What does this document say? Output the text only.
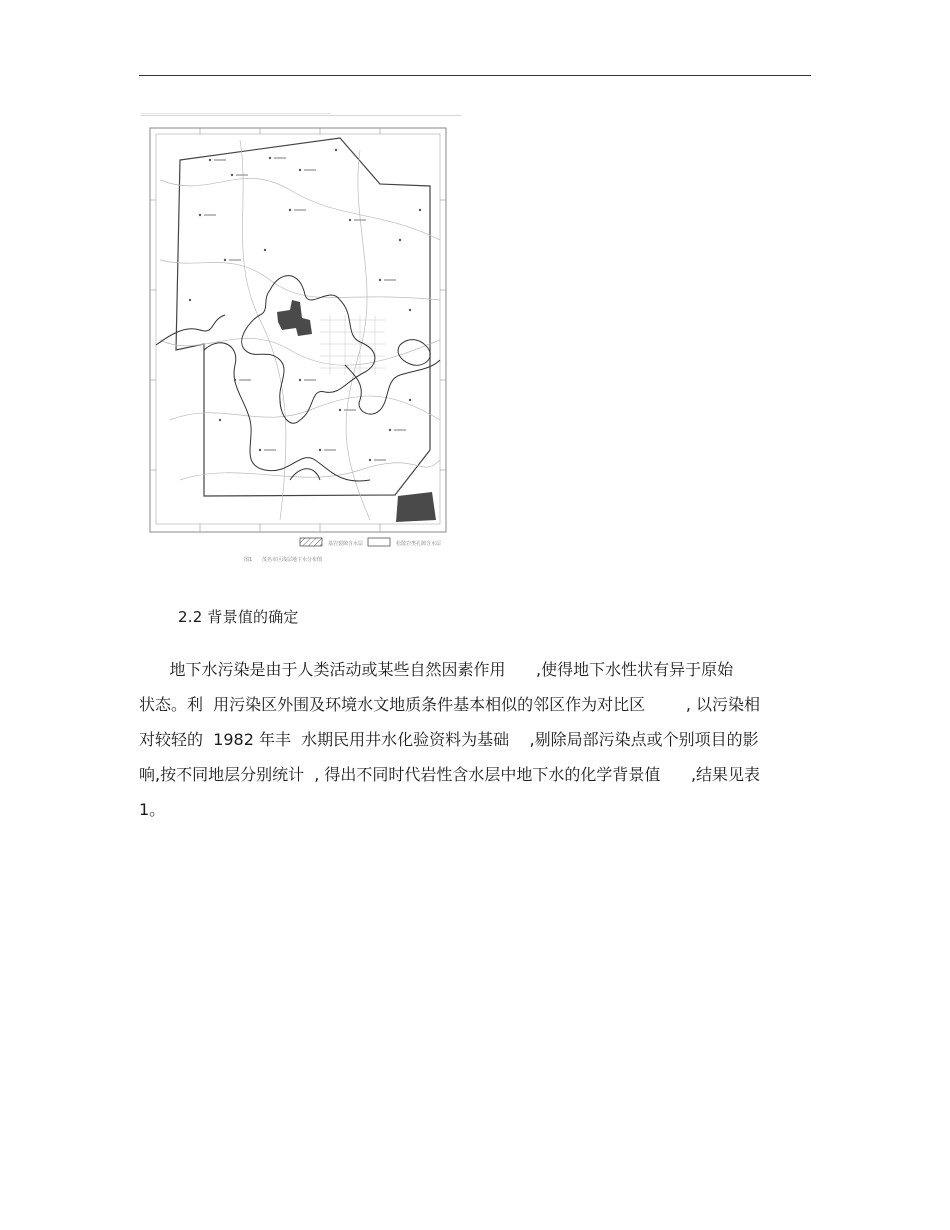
基岩裂隙含水层	松散岩类孔隙含水层
图1 茂名市区浅层地下水分布图
2.2 背景值的确定

地下水污染是由于人类活动或某些自然因素作用      ,使得地下水性状有异于原始

状态。利  用污染区外围及环境水文地质条件基本相似的邻区作为对比区        , 以污染相

对较轻的  1982 年丰  水期民用井水化验资料为基础    ,剔除局部污染点或个别项目的影

响,按不同地层分别统计  , 得出不同时代岩性含水层中地下水的化学背景值      ,结果见表

1。
